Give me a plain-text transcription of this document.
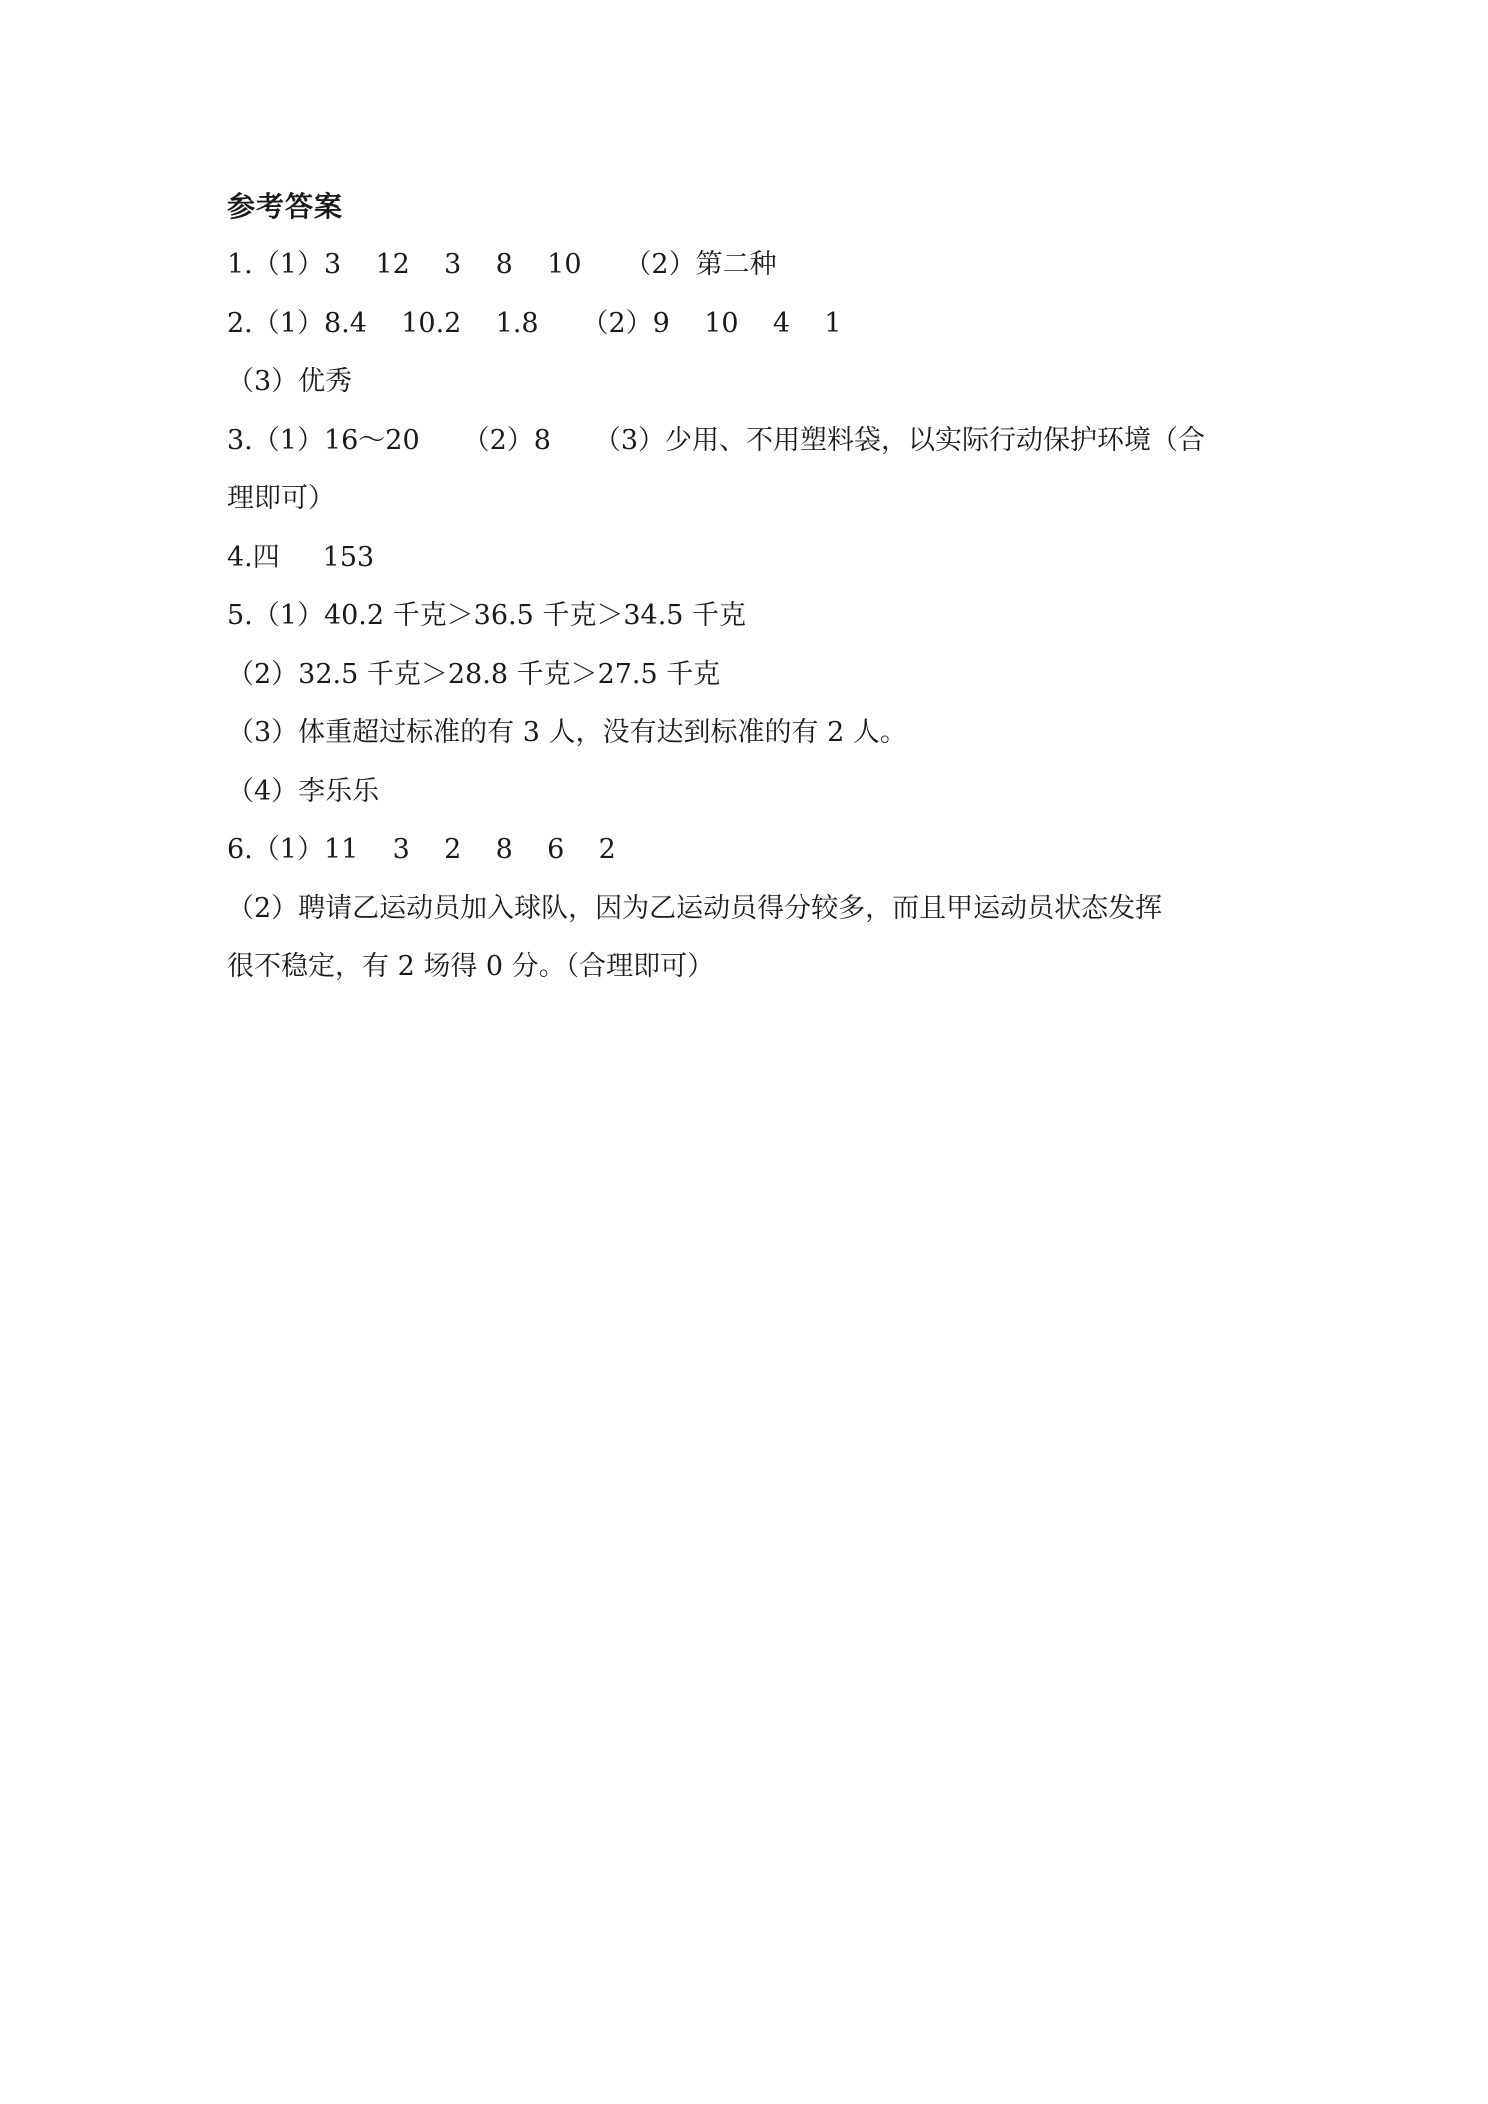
参考答案
1.（1）3    12    3    8    10     （2）第二种
2.（1）8.4    10.2    1.8     （2）9    10    4    1
（3）优秀
3.（1）16～20     （2）8     （3）少用、不用塑料袋，以实际行动保护环境（合
理即可）
4.四     153
5.（1）40.2 千克＞36.5 千克＞34.5 千克
（2）32.5 千克＞28.8 千克＞27.5 千克
（3）体重超过标准的有 3 人，没有达到标准的有 2 人。
（4）李乐乐
6.（1）11    3    2    8    6    2
（2）聘请乙运动员加入球队，因为乙运动员得分较多，而且甲运动员状态发挥
很不稳定，有 2 场得 0 分。（合理即可）
